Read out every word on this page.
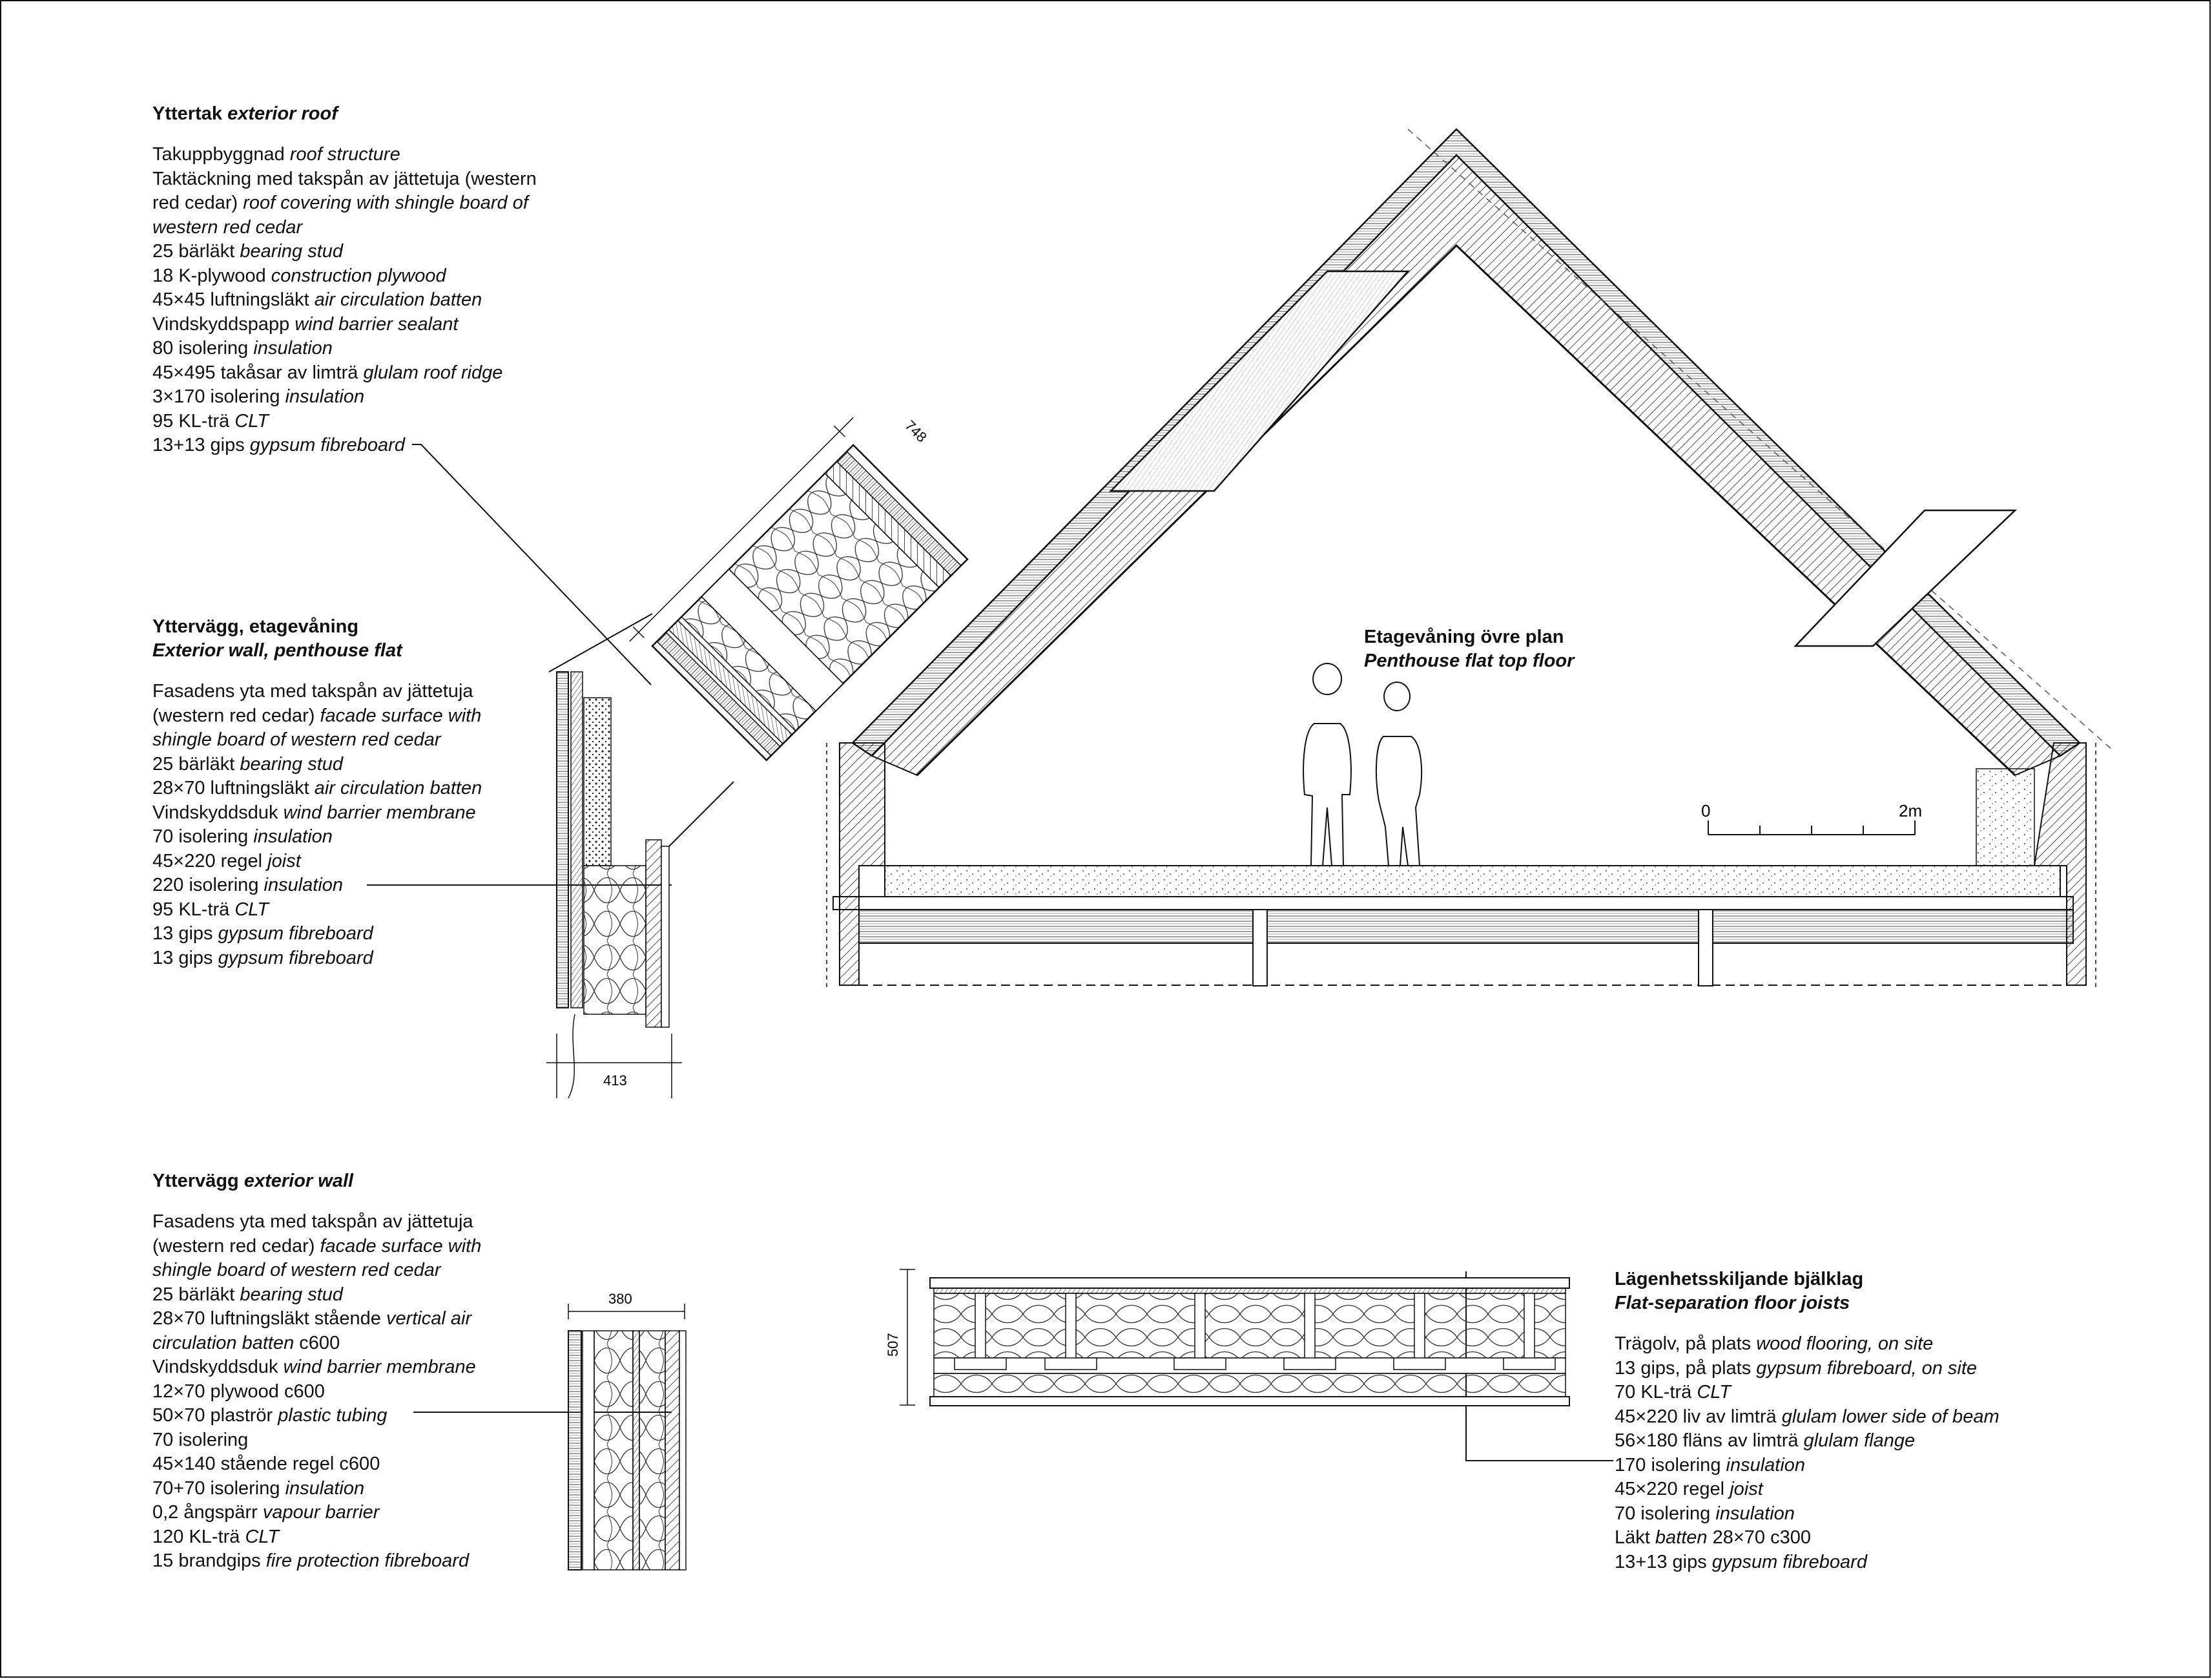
Yttertak exterior roof
Takuppbyggnad roof structure
Taktäckning med takspån av jättetuja (western
red cedar) roof covering with shingle board of
western red cedar
25 bärläkt bearing stud
18 K-plywood construction plywood
45×45 luftningsläkt air circulation batten
Vindskyddspapp wind barrier sealant
80 isolering insulation
45×495 takåsar av limträ glulam roof ridge
3×170 isolering insulation
95 KL-trä CLT
13+13 gips gypsum fibreboard
Yttervägg, etagevåning
Exterior wall, penthouse flat
Fasadens yta med takspån av jättetuja
(western red cedar) facade surface with
shingle board of western red cedar
25 bärläkt bearing stud
28×70 luftningsläkt air circulation batten
Vindskyddsduk wind barrier membrane
70 isolering insulation
45×220 regel joist
220 isolering insulation
95 KL-trä CLT
13 gips gypsum fibreboard
13 gips gypsum fibreboard
Yttervägg exterior wall
Fasadens yta med takspån av jättetuja
(western red cedar) facade surface with
shingle board of western red cedar
25 bärläkt bearing stud
28×70 luftningsläkt stående vertical air
circulation batten c600
Vindskyddsduk wind barrier membrane
12×70 plywood c600
50×70 plaströr plastic tubing
70 isolering
45×140 stående regel c600
70+70 isolering insulation
0,2 ångspärr vapour barrier
120 KL-trä CLT
15 brandgips fire protection fibreboard
Lägenhetsskiljande bjälklag
Flat-separation floor joists
Trägolv, på plats wood flooring, on site
13 gips, på plats gypsum fibreboard, on site
70 KL-trä CLT
45×220 liv av limträ glulam lower side of beam
56×180 fläns av limträ glulam flange
170 isolering insulation
45×220 regel joist
70 isolering insulation
Läkt batten 28×70 c300
13+13 gips gypsum fibreboard
Etagevåning övre plan
Penthouse flat top floor
748
413
0	2m
380
507
